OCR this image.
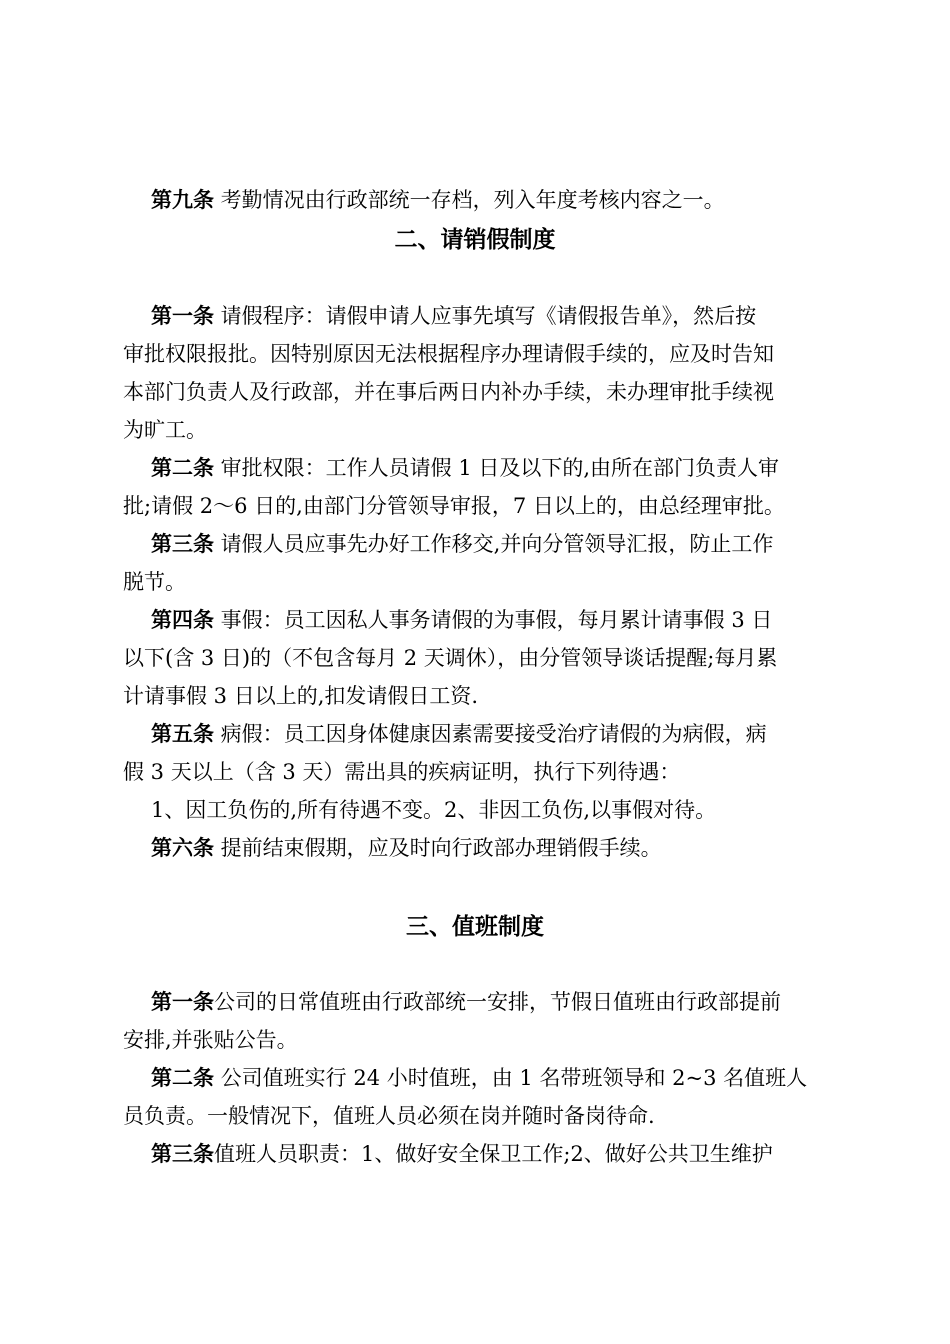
第九条 考勤情况由行政部统一存档，列入年度考核内容之一。
二、请销假制度
第一条 请假程序：请假申请人应事先填写《请假报告单》，然后按
审批权限报批。因特别原因无法根据程序办理请假手续的，应及时告知
本部门负责人及行政部，并在事后两日内补办手续，未办理审批手续视
为旷工。
第二条 审批权限：工作人员请假 1 日及以下的,由所在部门负责人审
批;请假 2～6 日的,由部门分管领导审报，7 日以上的，由总经理审批。
第三条 请假人员应事先办好工作移交,并向分管领导汇报，防止工作
脱节。
第四条 事假：员工因私人事务请假的为事假，每月累计请事假 3 日
以下(含 3 日)的（不包含每月 2 天调休），由分管领导谈话提醒;每月累
计请事假 3 日以上的,扣发请假日工资.
第五条 病假：员工因身体健康因素需要接受治疗请假的为病假，病
假 3 天以上（含 3 天）需出具的疾病证明，执行下列待遇：
1、因工负伤的,所有待遇不变。2、非因工负伤,以事假对待。
第六条 提前结束假期，应及时向行政部办理销假手续。
三、值班制度
第一条公司的日常值班由行政部统一安排，节假日值班由行政部提前
安排,并张贴公告。
第二条 公司值班实行 24 小时值班，由 1 名带班领导和 2~3 名值班人
员负责。一般情况下，值班人员必须在岗并随时备岗待命.
第三条值班人员职责：1、做好安全保卫工作;2、做好公共卫生维护
